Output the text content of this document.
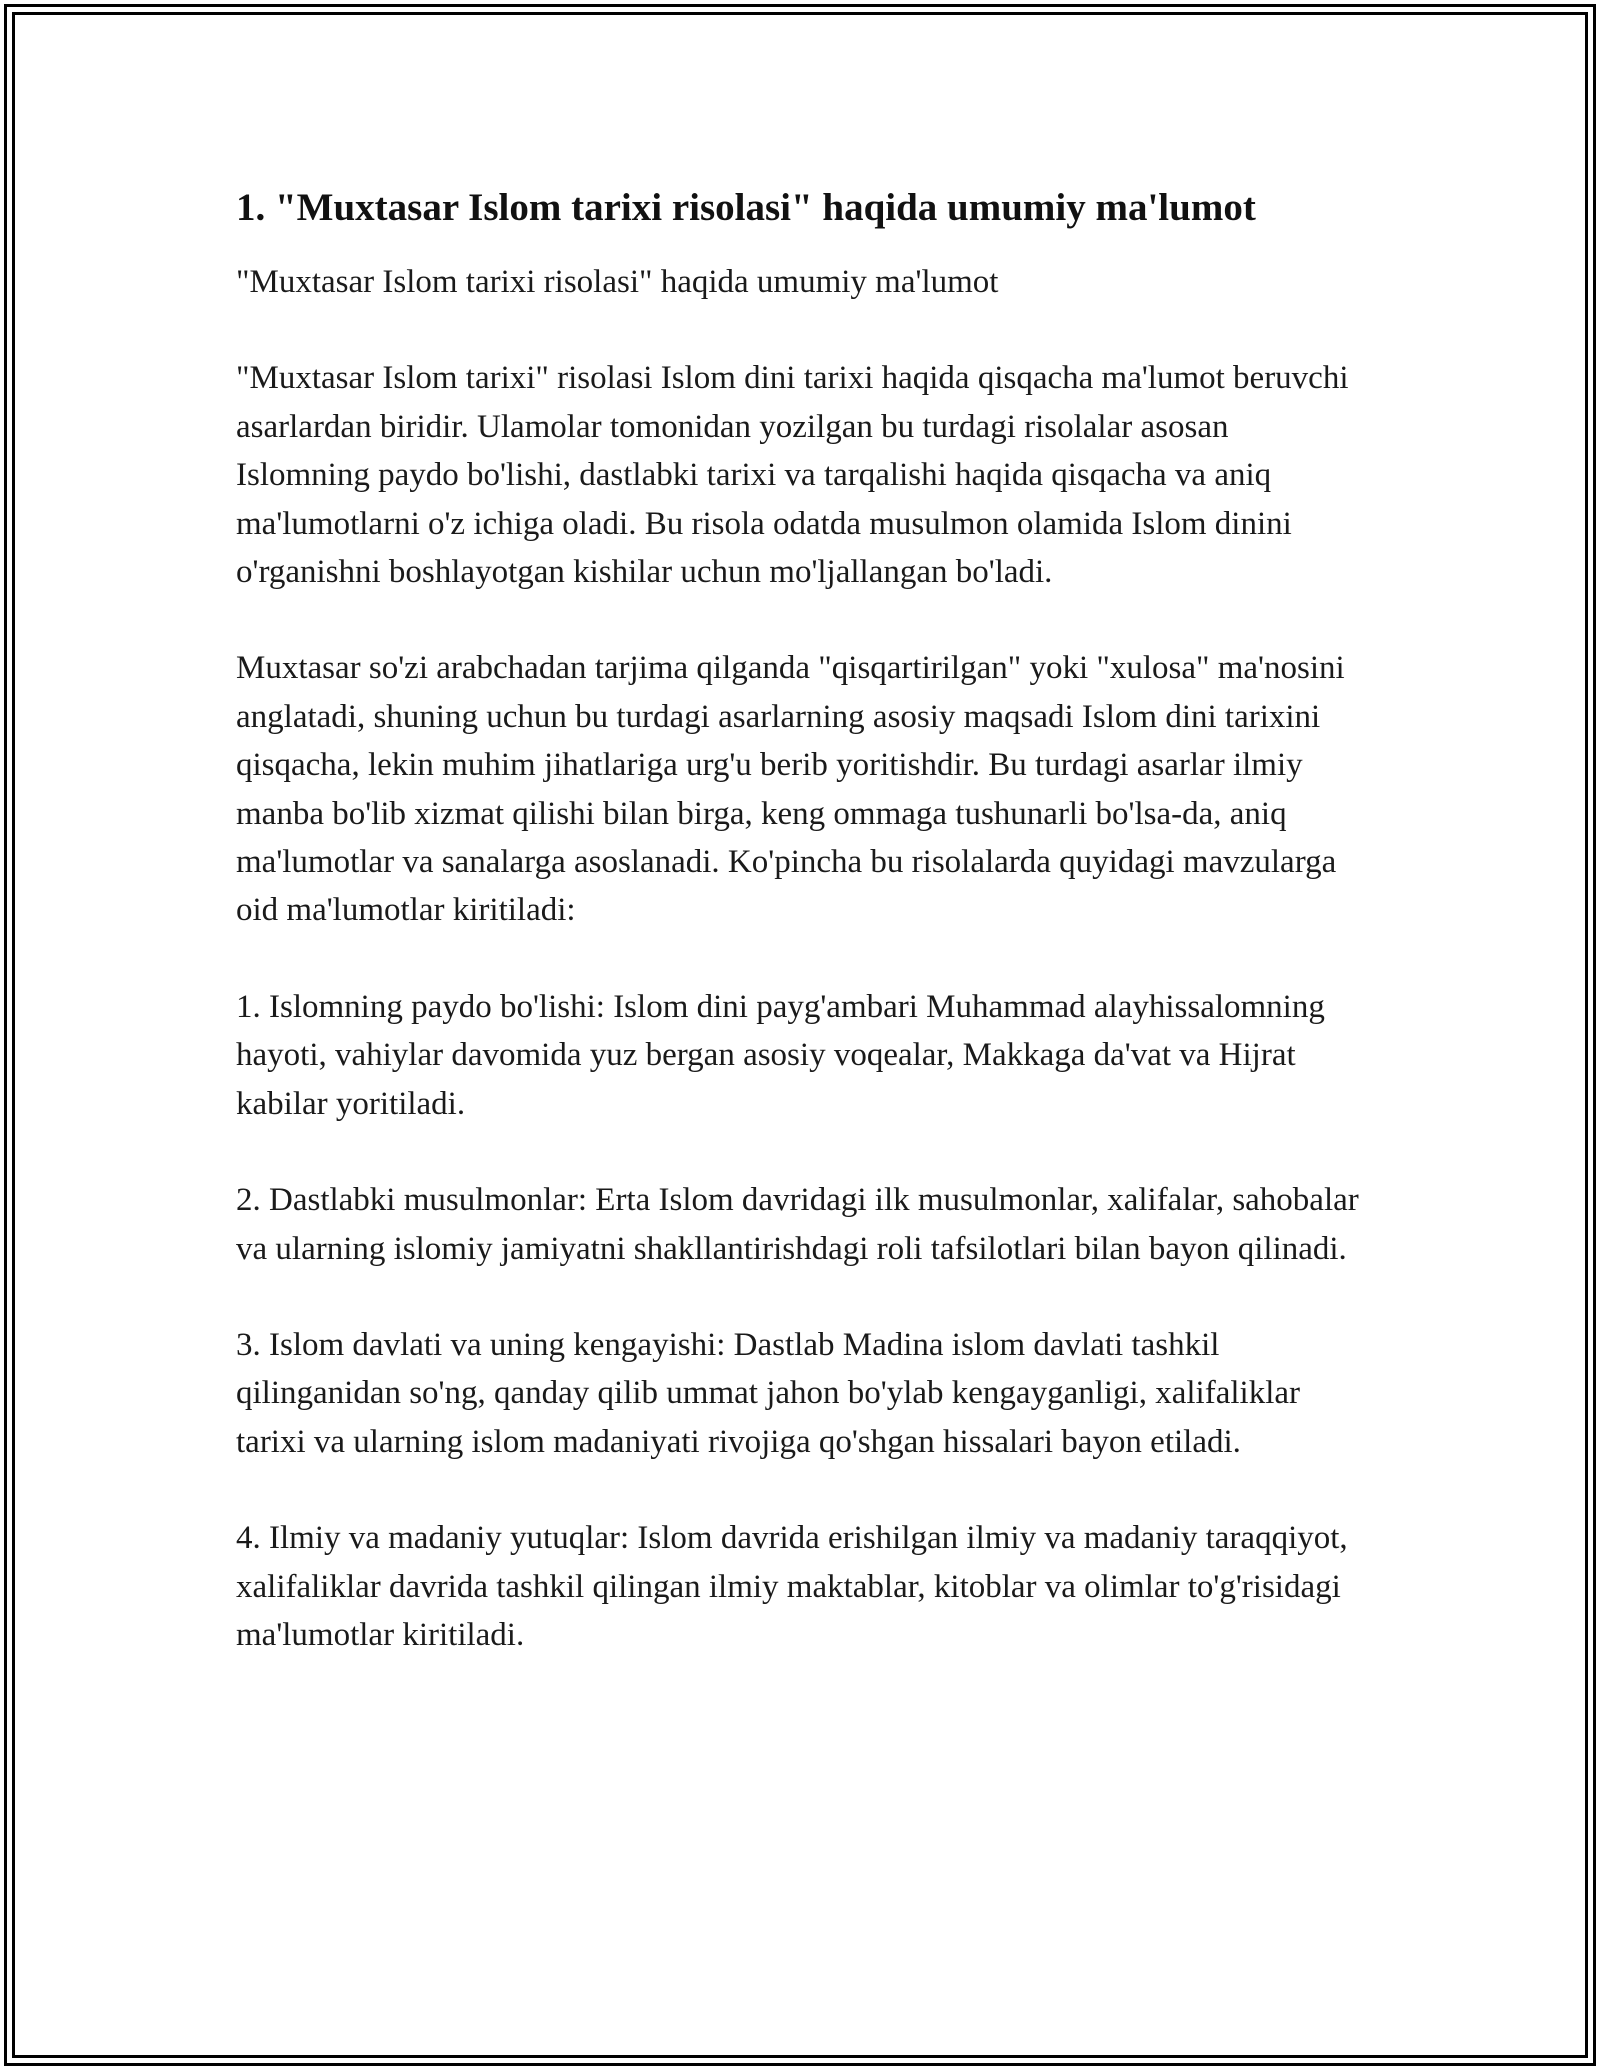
1. "Muxtasar Islom tarixi risolasi" haqida umumiy ma'lumot

"Muxtasar Islom tarixi risolasi" haqida umumiy ma'lumot

"Muxtasar Islom tarixi" risolasi Islom dini tarixi haqida qisqacha ma'lumot beruvchi asarlardan biridir. Ulamolar tomonidan yozilgan bu turdagi risolalar asosan Islomning paydo bo'lishi, dastlabki tarixi va tarqalishi haqida qisqacha va aniq ma'lumotlarni o'z ichiga oladi. Bu risola odatda musulmon olamida Islom dinini o'rganishni boshlayotgan kishilar uchun mo'ljallangan bo'ladi.

Muxtasar so'zi arabchadan tarjima qilganda "qisqartirilgan" yoki "xulosa" ma'nosini anglatadi, shuning uchun bu turdagi asarlarning asosiy maqsadi Islom dini tarixini qisqacha, lekin muhim jihatlariga urg'u berib yoritishdir. Bu turdagi asarlar ilmiy manba bo'lib xizmat qilishi bilan birga, keng ommaga tushunarli bo'lsa-da, aniq ma'lumotlar va sanalarga asoslanadi. Ko'pincha bu risolalarda quyidagi mavzularga oid ma'lumotlar kiritiladi:

1. Islomning paydo bo'lishi: Islom dini payg'ambari Muhammad alayhissalomning hayoti, vahiylar davomida yuz bergan asosiy voqealar, Makkaga da'vat va Hijrat kabilar yoritiladi.

2. Dastlabki musulmonlar: Erta Islom davridagi ilk musulmonlar, xalifalar, sahobalar va ularning islomiy jamiyatni shakllantirishdagi roli tafsilotlari bilan bayon qilinadi.

3. Islom davlati va uning kengayishi: Dastlab Madina islom davlati tashkil qilinganidan so'ng, qanday qilib ummat jahon bo'ylab kengayganligi, xalifaliklar tarixi va ularning islom madaniyati rivojiga qo'shgan hissalari bayon etiladi.

4. Ilmiy va madaniy yutuqlar: Islom davrida erishilgan ilmiy va madaniy taraqqiyot, xalifaliklar davrida tashkil qilingan ilmiy maktablar, kitoblar va olimlar to'g'risidagi ma'lumotlar kiritiladi.
